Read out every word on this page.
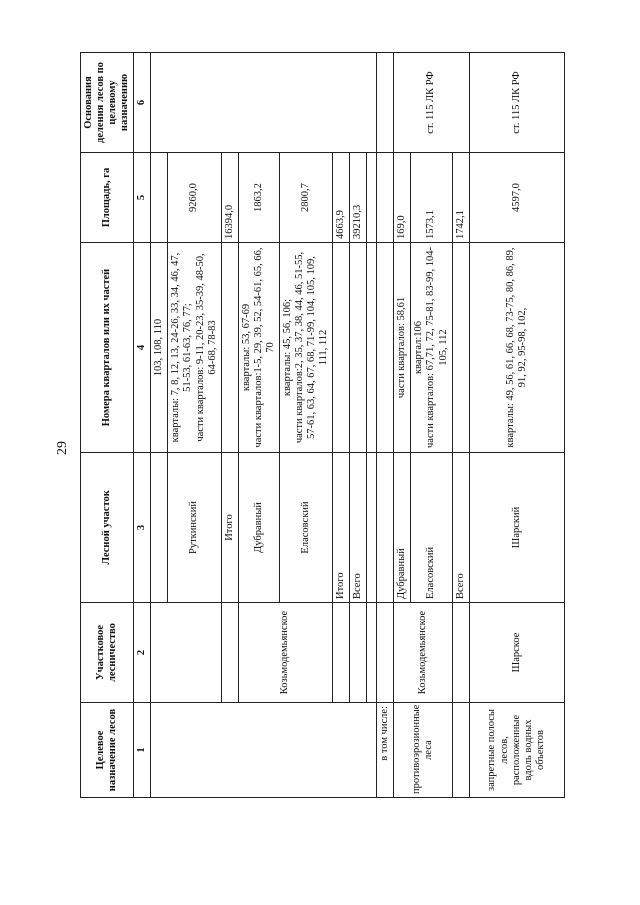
29
Целевое назначение лесов	Участковое лесничество	Лесной участок	Номера кварталов или их частей	Площадь, га	Основания деления лесов по целевому назначению
1	2	3	4	5	6
			103, 108, 110		
		Руткинский	кварталы: 7, 8, 12, 13, 24-26, 33, 34, 46, 47, 51-53, 61-63, 76, 77; части кварталов: 9-11, 20-23, 35-39, 48-50, 64-68, 78-83	9260,0	
		Итого		16394,0	
	Козьмодемьянское	Дубравный	кварталы: 53, 67-69 части кварталов:1-5, 29, 39, 52, 54-61, 65, 66, 70	1863,2	
		Еласовский	кварталы: 45, 56, 106; части кварталов:2, 35, 37, 38, 44, 46, 51-55, 57-61, 63, 64, 67, 68, 71-99, 104, 105, 109, 111, 112	2800,7	
		Итого		4663,9	
		Всего		39210,3	

в том числе:					
противоэрозионные леса	Козьмодемьянское	Дубравный	части кварталов: 58,61	169,0	ст. 115 ЛК РФ
		Еласовский	квартал:106 части кварталов: 67,71, 72, 75-81, 83-99, 104-105, 112	1573,1	
		Всего		1742,1	
запретные полосы лесов, расположенные вдоль водных объектов	Шарское	Шарский	кварталы: 49, 56, 61, 66, 68, 73-75, 80, 86, 89, 91, 92, 95-98, 102,	4597,0	ст. 115 ЛК РФ
